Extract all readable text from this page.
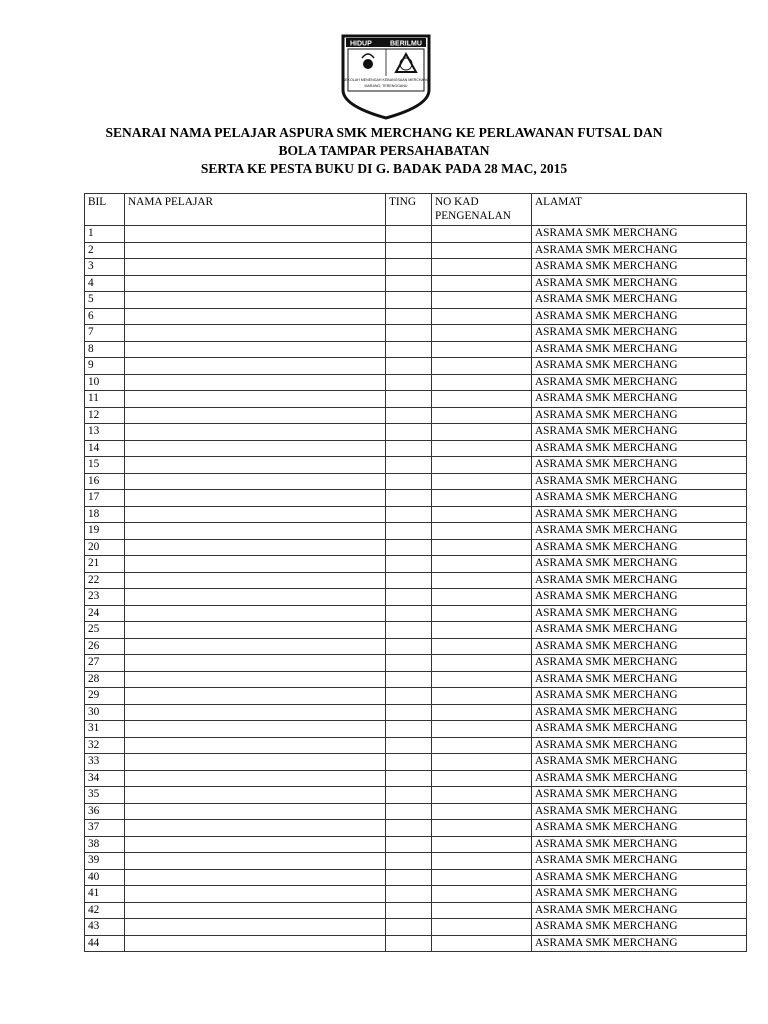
HIDUP	BERILMU
SEKOLAH MENENGAH KEBANGSAAN MERCHANG
MARANG, TERENGGANU
SENARAI NAMA PELAJAR ASPURA SMK MERCHANG KE PERLAWANAN FUTSAL DAN
BOLA TAMPAR PERSAHABATAN
SERTA KE PESTA BUKU DI G. BADAK PADA 28 MAC, 2015
BIL	NAMA PELAJAR	TING	NO KAD PENGENALAN	ALAMAT
1				ASRAMA SMK MERCHANG
2				ASRAMA SMK MERCHANG
3				ASRAMA SMK MERCHANG
4				ASRAMA SMK MERCHANG
5				ASRAMA SMK MERCHANG
6				ASRAMA SMK MERCHANG
7				ASRAMA SMK MERCHANG
8				ASRAMA SMK MERCHANG
9				ASRAMA SMK MERCHANG
10				ASRAMA SMK MERCHANG
11				ASRAMA SMK MERCHANG
12				ASRAMA SMK MERCHANG
13				ASRAMA SMK MERCHANG
14				ASRAMA SMK MERCHANG
15				ASRAMA SMK MERCHANG
16				ASRAMA SMK MERCHANG
17				ASRAMA SMK MERCHANG
18				ASRAMA SMK MERCHANG
19				ASRAMA SMK MERCHANG
20				ASRAMA SMK MERCHANG
21				ASRAMA SMK MERCHANG
22				ASRAMA SMK MERCHANG
23				ASRAMA SMK MERCHANG
24				ASRAMA SMK MERCHANG
25				ASRAMA SMK MERCHANG
26				ASRAMA SMK MERCHANG
27				ASRAMA SMK MERCHANG
28				ASRAMA SMK MERCHANG
29				ASRAMA SMK MERCHANG
30				ASRAMA SMK MERCHANG
31				ASRAMA SMK MERCHANG
32				ASRAMA SMK MERCHANG
33				ASRAMA SMK MERCHANG
34				ASRAMA SMK MERCHANG
35				ASRAMA SMK MERCHANG
36				ASRAMA SMK MERCHANG
37				ASRAMA SMK MERCHANG
38				ASRAMA SMK MERCHANG
39				ASRAMA SMK MERCHANG
40				ASRAMA SMK MERCHANG
41				ASRAMA SMK MERCHANG
42				ASRAMA SMK MERCHANG
43				ASRAMA SMK MERCHANG
44				ASRAMA SMK MERCHANG
